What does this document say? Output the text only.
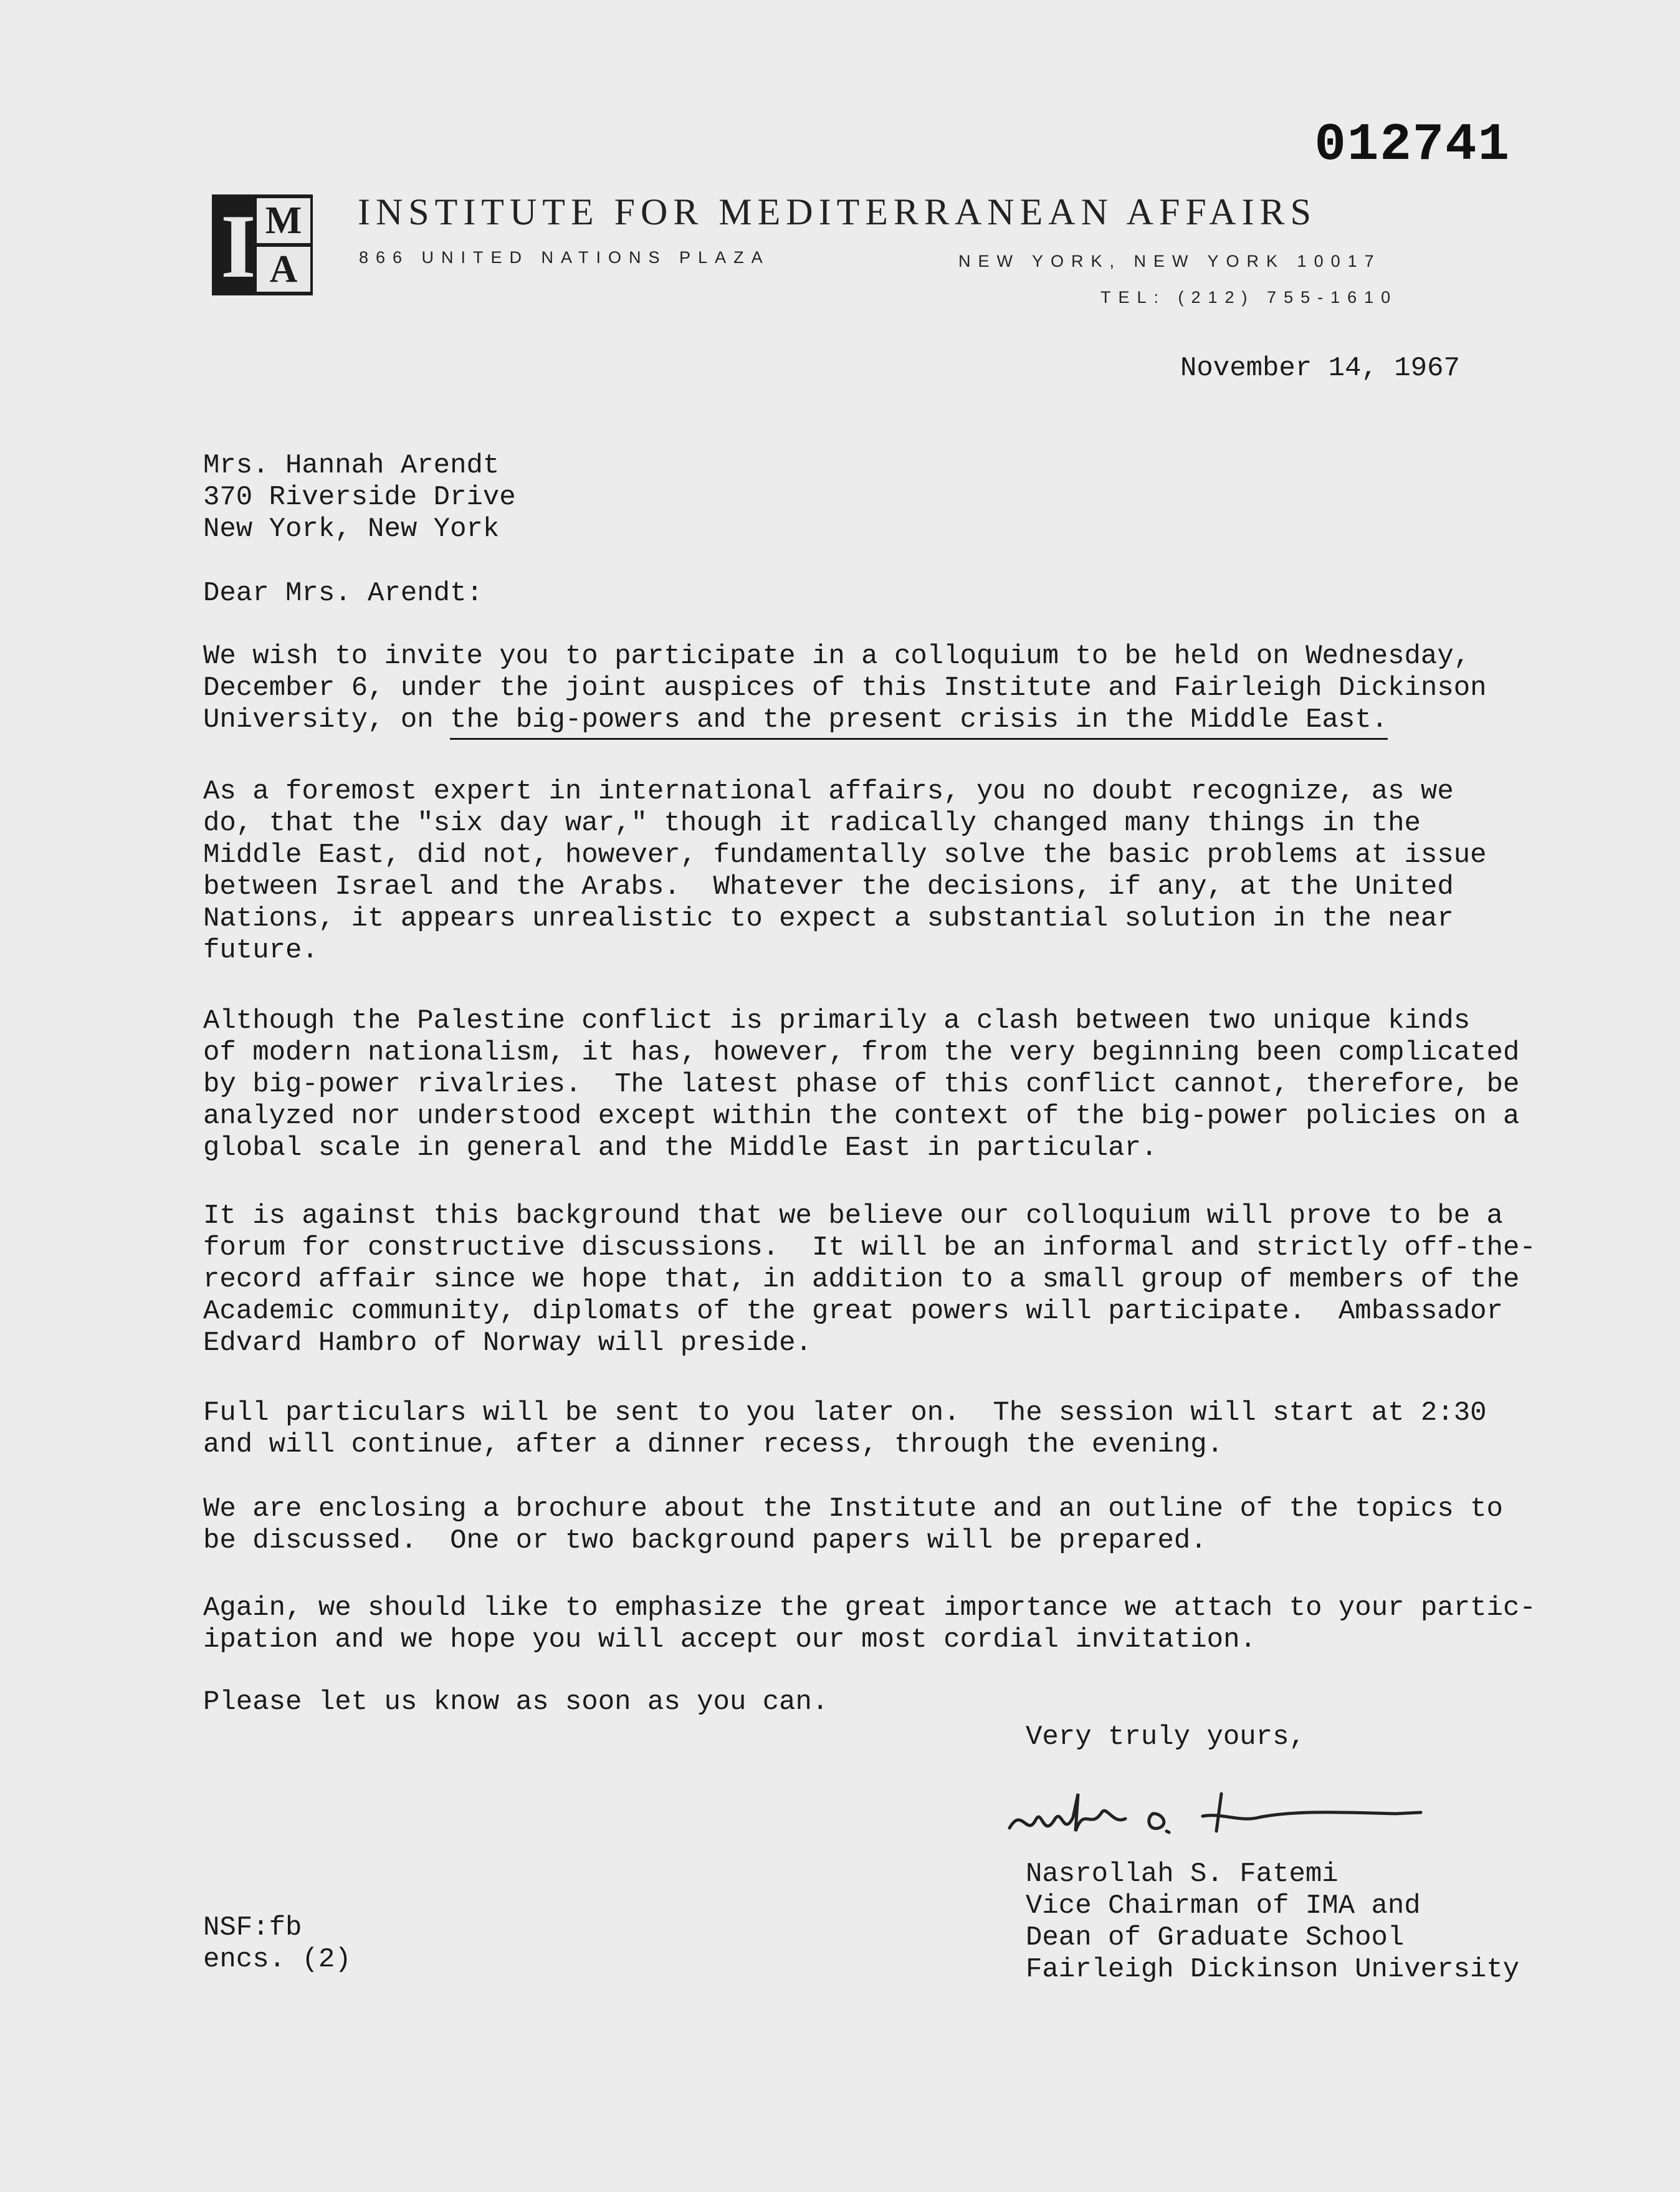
012741
I M
A
INSTITUTE FOR MEDITERRANEAN AFFAIRS
866 UNITED NATIONS PLAZA	NEW YORK, NEW YORK 10017
TEL: (212) 755-1610
November 14, 1967

Mrs. Hannah Arendt

370 Riverside Drive

New York, New York

Dear Mrs. Arendt:

We wish to invite you to participate in a colloquium to be held on Wednesday,

December 6, under the joint auspices of this Institute and Fairleigh Dickinson

University, on the big-powers and the present crisis in the Middle East.

As a foremost expert in international affairs, you no doubt recognize, as we

do, that the "six day war," though it radically changed many things in the

Middle East, did not, however, fundamentally solve the basic problems at issue

between Israel and the Arabs.  Whatever the decisions, if any, at the United

Nations, it appears unrealistic to expect a substantial solution in the near

future.

Although the Palestine conflict is primarily a clash between two unique kinds

of modern nationalism, it has, however, from the very beginning been complicated

by big-power rivalries.  The latest phase of this conflict cannot, therefore, be

analyzed nor understood except within the context of the big-power policies on a

global scale in general and the Middle East in particular.

It is against this background that we believe our colloquium will prove to be a

forum for constructive discussions.  It will be an informal and strictly off-the-

record affair since we hope that, in addition to a small group of members of the

Academic community, diplomats of the great powers will participate.  Ambassador

Edvard Hambro of Norway will preside.

Full particulars will be sent to you later on.  The session will start at 2:30

and will continue, after a dinner recess, through the evening.

We are enclosing a brochure about the Institute and an outline of the topics to

be discussed.  One or two background papers will be prepared.

Again, we should like to emphasize the great importance we attach to your partic-

ipation and we hope you will accept our most cordial invitation.

Please let us know as soon as you can.

Very truly yours,
Nasrollah S. Fatemi
Vice Chairman of IMA and
Dean of Graduate School
Fairleigh Dickinson University
NSF:fb
encs. (2)
